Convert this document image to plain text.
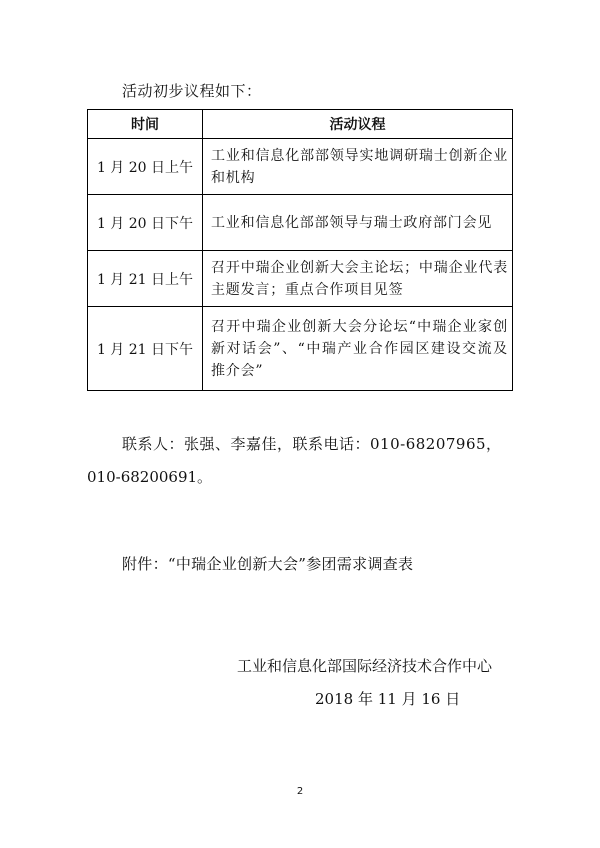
活动初步议程如下：
时间	活动议程
1 月 20 日上午	工业和信息化部部领导实地调研瑞士创新企业和机构
1 月 20 日下午	工业和信息化部部领导与瑞士政府部门会见
1 月 21 日上午	召开中瑞企业创新大会主论坛；中瑞企业代表主题发言；重点合作项目见签
1 月 21 日下午	召开中瑞企业创新大会分论坛“中瑞企业家创新对话会”、“中瑞产业合作园区建设交流及推介会”
联系人：张强、李嘉佳，联系电话：010-68207965，
010-68200691。
附件：“中瑞企业创新大会”参团需求调查表
工业和信息化部国际经济技术合作中心
2018 年 11 月 16 日
2
